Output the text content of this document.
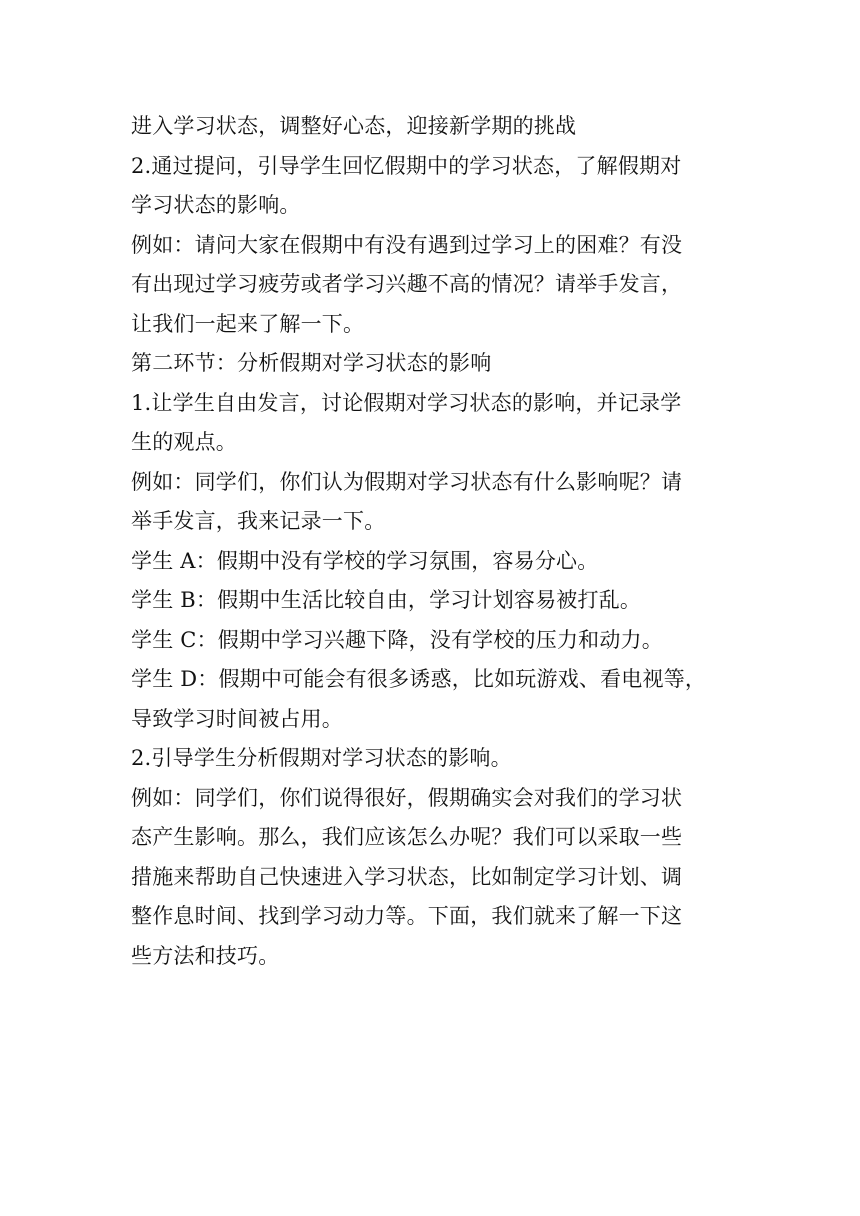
进入学习状态，调整好心态，迎接新学期的挑战
2.通过提问，引导学生回忆假期中的学习状态，了解假期对
学习状态的影响。
例如：请问大家在假期中有没有遇到过学习上的困难？有没
有出现过学习疲劳或者学习兴趣不高的情况？请举手发言，
让我们一起来了解一下。
第二环节：分析假期对学习状态的影响
1.让学生自由发言，讨论假期对学习状态的影响，并记录学
生的观点。
例如：同学们，你们认为假期对学习状态有什么影响呢？请
举手发言，我来记录一下。
学生 A：假期中没有学校的学习氛围，容易分心。
学生 B：假期中生活比较自由，学习计划容易被打乱。
学生 C：假期中学习兴趣下降，没有学校的压力和动力。
学生 D：假期中可能会有很多诱惑，比如玩游戏、看电视等，
导致学习时间被占用。
2.引导学生分析假期对学习状态的影响。
例如：同学们，你们说得很好，假期确实会对我们的学习状
态产生影响。那么，我们应该怎么办呢？我们可以采取一些
措施来帮助自己快速进入学习状态，比如制定学习计划、调
整作息时间、找到学习动力等。下面，我们就来了解一下这
些方法和技巧。
